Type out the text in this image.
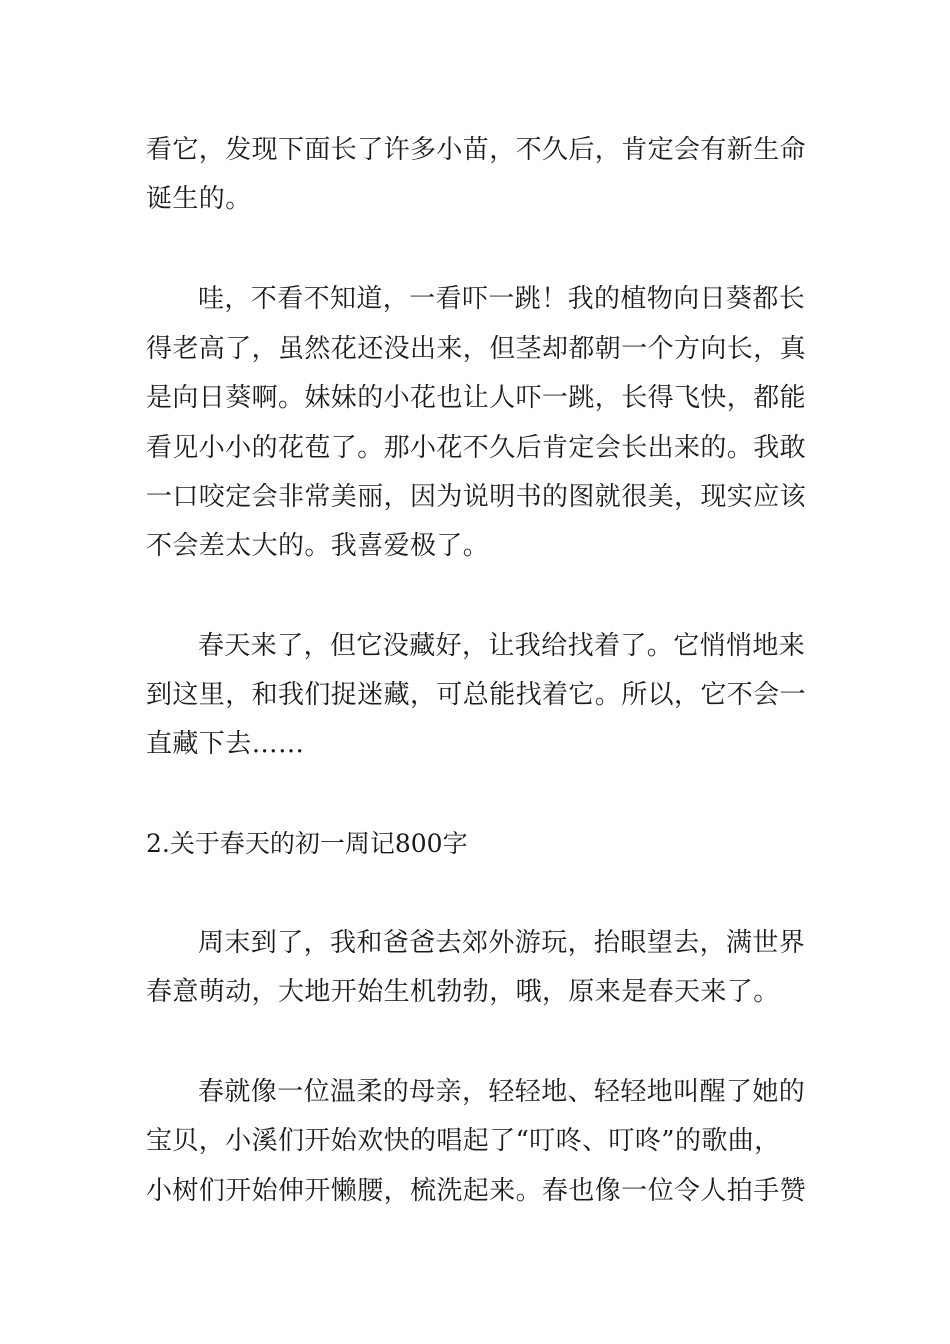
看它，发现下面长了许多小苗，不久后，肯定会有新生命
诞生的。
哇，不看不知道，一看吓一跳！我的植物向日葵都长
得老高了，虽然花还没出来，但茎却都朝一个方向长，真
是向日葵啊。妹妹的小花也让人吓一跳，长得飞快，都能
看见小小的花苞了。那小花不久后肯定会长出来的。我敢
一口咬定会非常美丽，因为说明书的图就很美，现实应该
不会差太大的。我喜爱极了。
春天来了，但它没藏好，让我给找着了。它悄悄地来
到这里，和我们捉迷藏，可总能找着它。所以，它不会一
直藏下去……
2.关于春天的初一周记800字
周末到了，我和爸爸去郊外游玩，抬眼望去，满世界
春意萌动，大地开始生机勃勃，哦，原来是春天来了。
春就像一位温柔的母亲，轻轻地、轻轻地叫醒了她的
宝贝，小溪们开始欢快的唱起了“叮咚、叮咚”的歌曲，
小树们开始伸开懒腰，梳洗起来。春也像一位令人拍手赞
